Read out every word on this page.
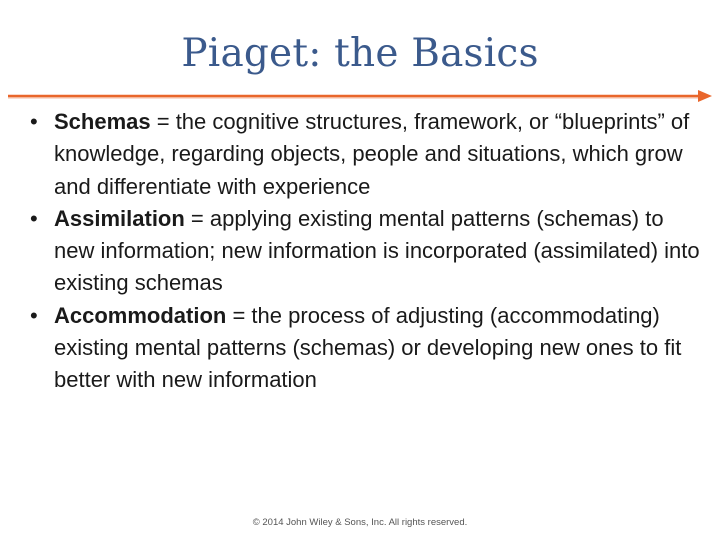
Piaget: the Basics
• Schemas = the cognitive structures, framework, or “blueprints” of knowledge, regarding objects, people and situations, which grow and differentiate with experience
• Assimilation = applying existing mental patterns (schemas) to new information; new information is incorporated (assimilated) into existing schemas
• Accommodation = the process of adjusting (accommodating) existing mental patterns (schemas) or developing new ones to fit better with new information
© 2014 John Wiley & Sons, Inc. All rights reserved.
